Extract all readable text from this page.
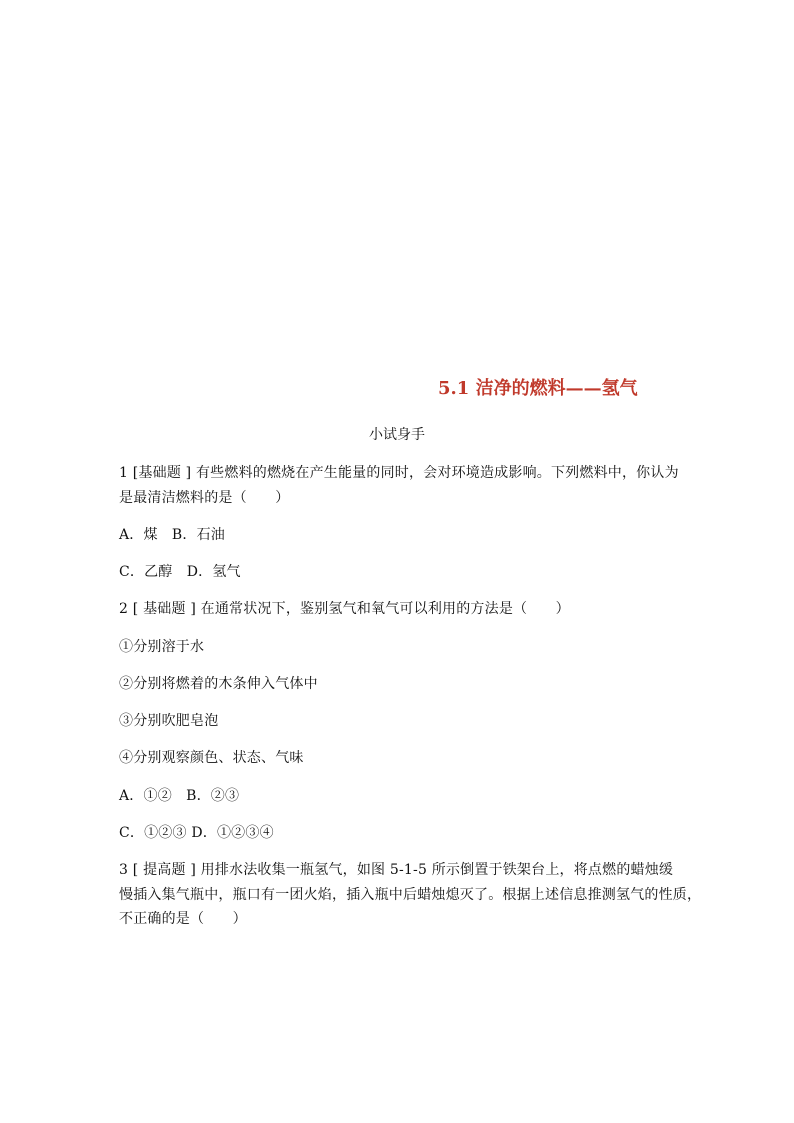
5.1 洁净的燃料——氢气
小试身手
1 [基础题 ] 有些燃料的燃烧在产生能量的同时，会对环境造成影响。下列燃料中，你认为
是最清洁燃料的是（　　）
A．煤　B．石油
C．乙醇　D．氢气
2 [ 基础题 ] 在通常状况下，鉴别氢气和氧气可以利用的方法是（　　）
①分别溶于水
②分别将燃着的木条伸入气体中
③分别吹肥皂泡
④分别观察颜色、状态、气味
A．①②　B．②③
C．①②③ D．①②③④
3 [ 提高题 ] 用排水法收集一瓶氢气，如图 5-1-5 所示倒置于铁架台上，将点燃的蜡烛缓
慢插入集气瓶中，瓶口有一团火焰，插入瓶中后蜡烛熄灭了。根据上述信息推测氢气的性质，
不正确的是（　　）
